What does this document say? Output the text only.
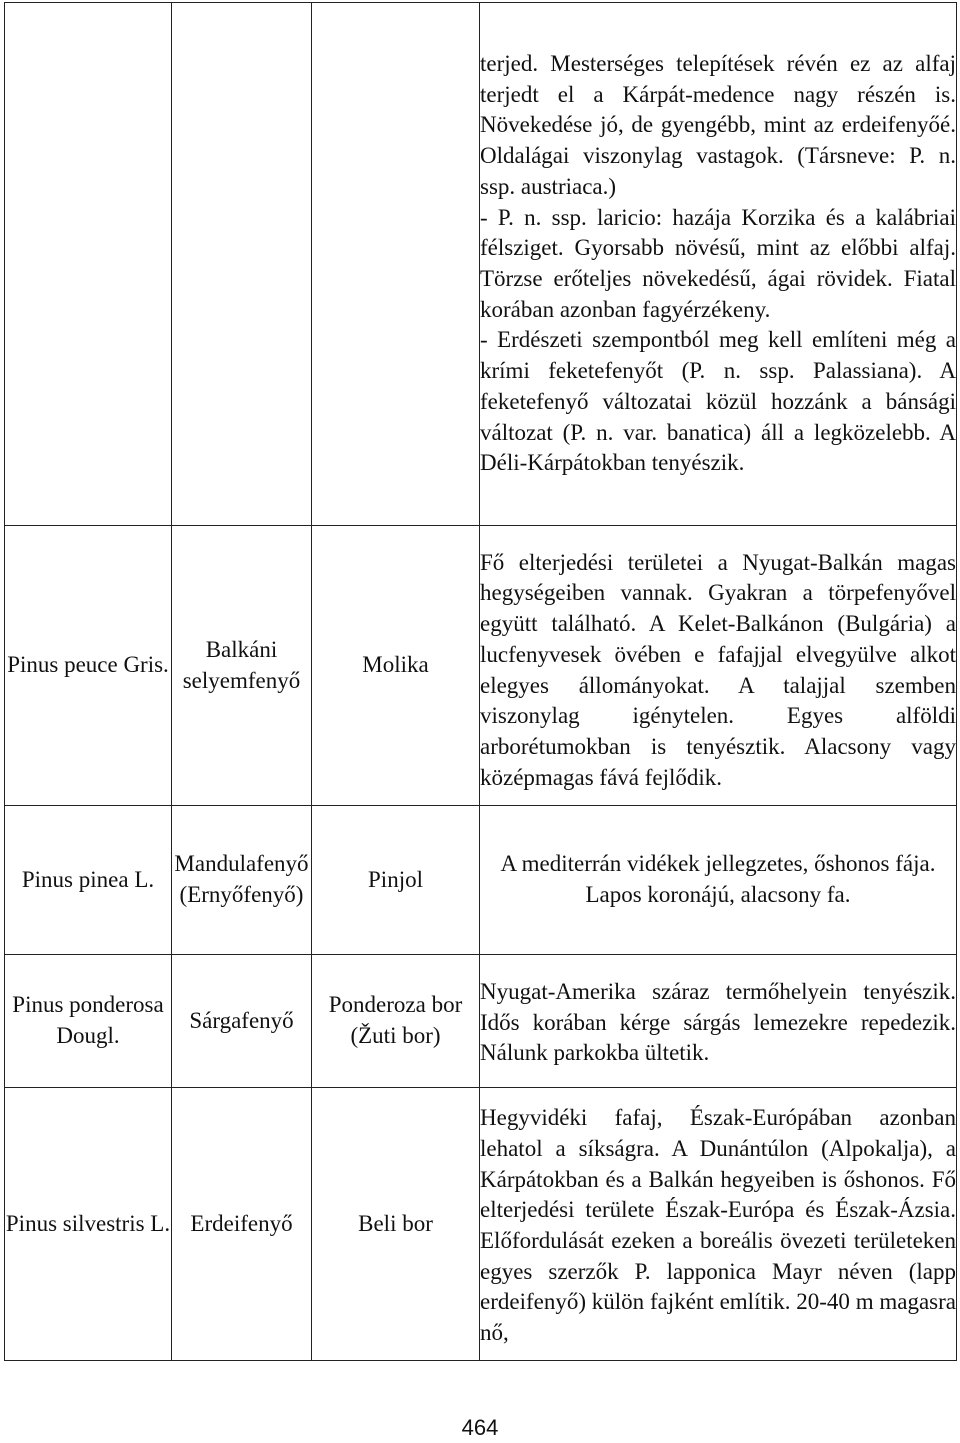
			terjed. Mesterséges telepítések révén ez az alfaj terjedt el a Kárpát-medence nagy részén is. Növekedése jó, de gyengébb, mint az erdeifenyőé. Oldalágai viszonylag vastagok. (Társneve: P. n. ssp. austriaca.)
- P. n. ssp. laricio: hazája Korzika és a kalábriai félsziget. Gyorsabb növésű, mint az előbbi alfaj. Törzse erőteljes növekedésű, ágai rövidek. Fiatal korában azonban fagyérzékeny.
- Erdészeti szempontból meg kell említeni még a krími feketefenyőt (P. n. ssp. Palassiana). A feketefenyő változatai közül hozzánk a bánsági változat (P. n. var. banatica) áll a legközelebb. A Déli-Kárpátokban tenyészik.

Pinus peuce Gris.	Balkáni selyemfenyő	Molika	Fő elterjedési területei a Nyugat-Balkán magas hegységeiben vannak. Gyakran a törpefenyővel együtt található. A Kelet-Balkánon (Bulgária) a lucfenyvesek övében e fafajjal elvegyülve alkot elegyes állományokat. A talajjal szemben viszonylag igénytelen. Egyes alföldi arborétumokban is tenyésztik. Alacsony vagy középmagas fává fejlődik.

Pinus pinea L.	Mandulafenyő (Ernyőfenyő)	Pinjol	A mediterrán vidékek jellegzetes, őshonos fája. Lapos koronájú, alacsony fa.

Pinus ponderosa Dougl.	Sárgafenyő	Ponderoza bor (Žuti bor)	Nyugat-Amerika száraz termőhelyein tenyészik. Idős korában kérge sárgás lemezekre repedezik. Nálunk parkokba ültetik.

Pinus silvestris L.	Erdeifenyő	Beli bor	Hegyvidéki fafaj, Észak-Európában azonban lehatol a síkságra. A Dunántúlon (Alpokalja), a Kárpátokban és a Balkán hegyeiben is őshonos. Fő elterjedési területe Észak-Európa és Észak-Ázsia. Előfordulását ezeken a boreális övezeti területeken egyes szerzők P. lapponica Mayr néven (lapp erdeifenyő) külön fajként említik. 20-40 m magasra nő,
464
